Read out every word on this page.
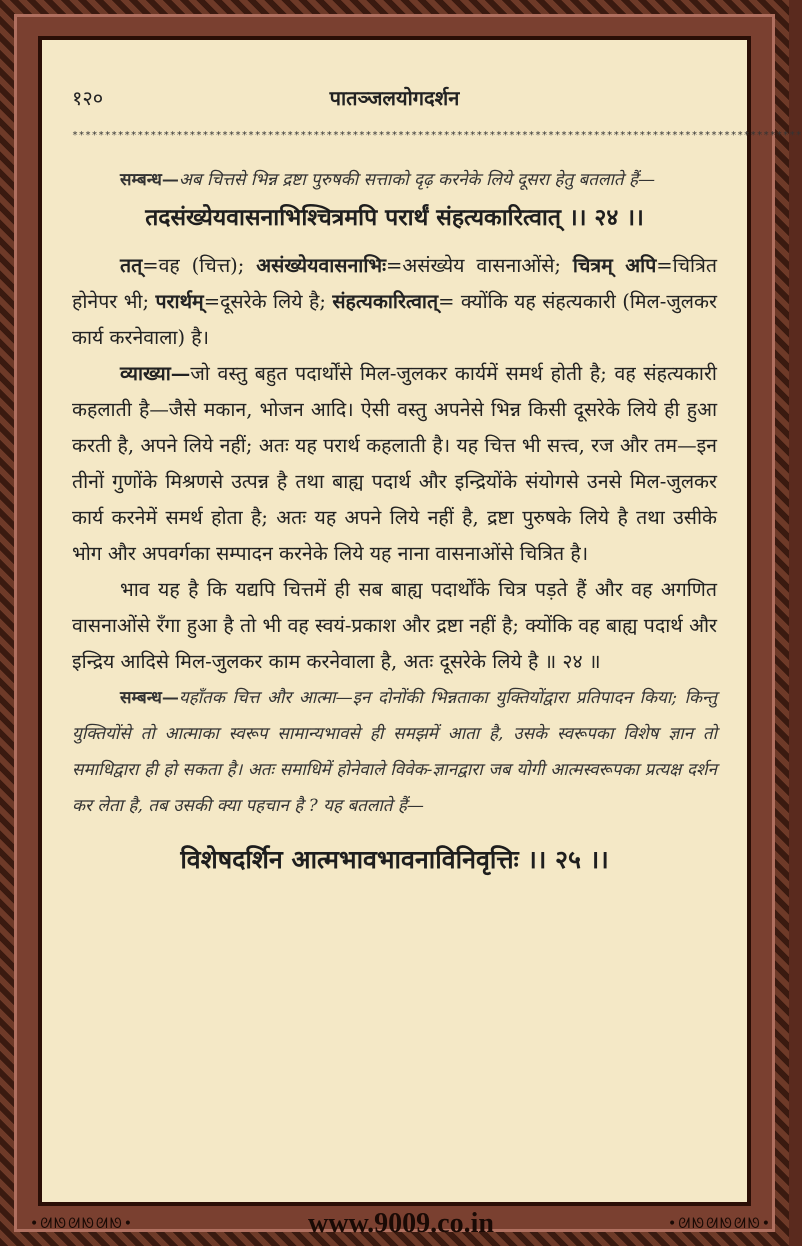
१२०	पातञ्जलयोगदर्शन
****************************************************************************************************************

सम्बन्ध—अब चित्तसे भिन्न द्रष्टा पुरुषकी सत्ताको दृढ़ करनेके लिये दूसरा हेतु बतलाते हैं—

तदसंख्येयवासनाभिश्चित्रमपि परार्थं संहत्यकारित्वात् ।। २४ ।।

तत्=वह (चित्त); असंख्येयवासनाभिः=असंख्येय वासनाओंसे; चित्रम् अपि=चित्रित होनेपर भी; परार्थम्=दूसरेके लिये है; संहत्यकारित्वात्= क्योंकि यह संहत्यकारी (मिल-जुलकर कार्य करनेवाला) है।

व्याख्या—जो वस्तु बहुत पदार्थोंसे मिल-जुलकर कार्यमें समर्थ होती है; वह संहत्यकारी कहलाती है—जैसे मकान, भोजन आदि। ऐसी वस्तु अपनेसे भिन्न किसी दूसरेके लिये ही हुआ करती है, अपने लिये नहीं; अतः यह परार्थ कहलाती है। यह चित्त भी सत्त्व, रज और तम—इन तीनों गुणोंके मिश्रणसे उत्पन्न है तथा बाह्य पदार्थ और इन्द्रियोंके संयोगसे उनसे मिल-जुलकर कार्य करनेमें समर्थ होता है; अतः यह अपने लिये नहीं है, द्रष्टा पुरुषके लिये है तथा उसीके भोग और अपवर्गका सम्पादन करनेके लिये यह नाना वासनाओंसे चित्रित है।

भाव यह है कि यद्यपि चित्तमें ही सब बाह्य पदार्थोंके चित्र पड़ते हैं और वह अगणित वासनाओंसे रँगा हुआ है तो भी वह स्वयं-प्रकाश और द्रष्टा नहीं है; क्योंकि वह बाह्य पदार्थ और इन्द्रिय आदिसे मिल-जुलकर काम करनेवाला है, अतः दूसरेके लिये है ॥ २४ ॥

सम्बन्ध—यहाँतक चित्त और आत्मा—इन दोनोंकी भिन्नताका युक्तियोंद्वारा प्रतिपादन किया; किन्तु युक्तियोंसे तो आत्माका स्वरूप सामान्यभावसे ही समझमें आता है, उसके स्वरूपका विशेष ज्ञान तो समाधिद्वारा ही हो सकता है। अतः समाधिमें होनेवाले विवेक-ज्ञानद्वारा जब योगी आत्मस्वरूपका प्रत्यक्ष दर्शन कर लेता है, तब उसकी क्या पहचान है ? यह बतलाते हैं—

विशेषदर्शिन आत्मभावभावनाविनिवृत्तिः ।। २५ ।।
•ᘛᘚᘛᘚᘛᘚ•	www.9009.co.in	•ᘛᘚᘛᘚᘛᘚ•
